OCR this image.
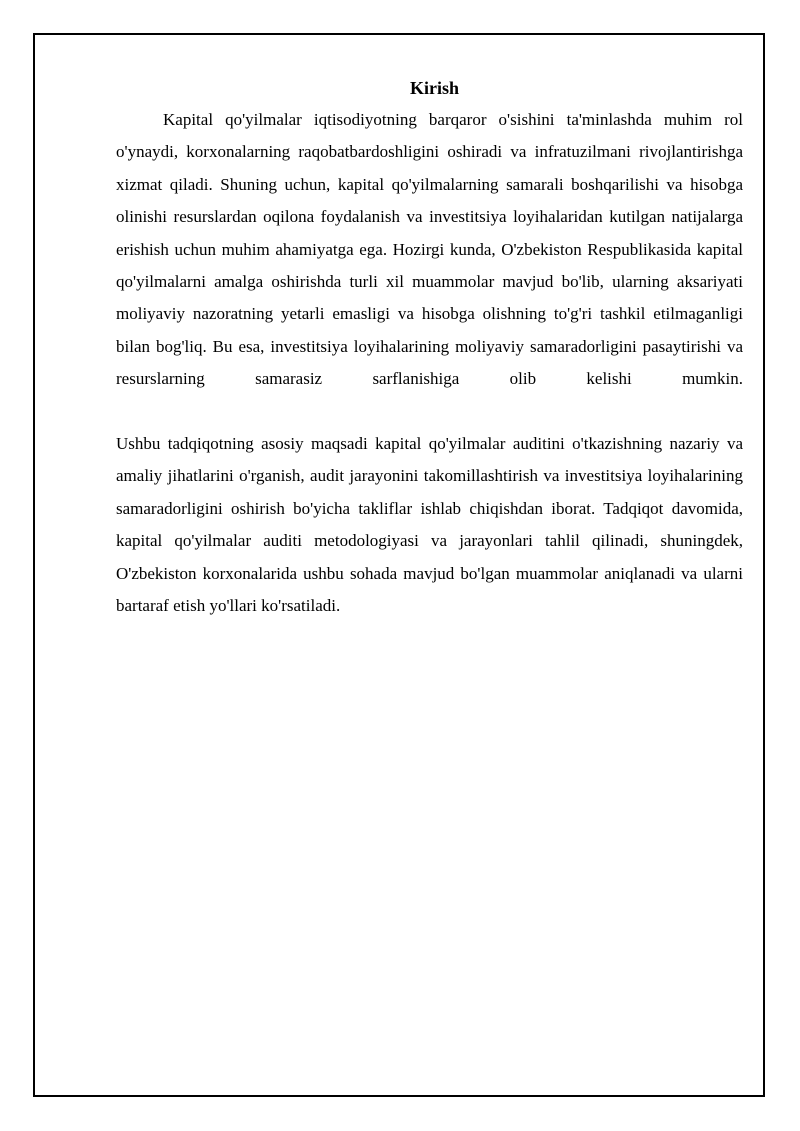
Kirish

Kapital qo'yilmalar iqtisodiyotning barqaror o'sishini ta'minlashda muhim rol o'ynaydi, korxonalarning raqobatbardoshligini oshiradi va infratuzilmani rivojlantirishga xizmat qiladi. Shuning uchun, kapital qo'yilmalarning samarali boshqarilishi va hisobga olinishi resurslardan oqilona foydalanish va investitsiya loyihalaridan kutilgan natijalarga erishish uchun muhim ahamiyatga ega. Hozirgi kunda, O'zbekiston Respublikasida kapital qo'yilmalarni amalga oshirishda turli xil muammolar mavjud bo'lib, ularning aksariyati moliyaviy nazoratning yetarli emasligi va hisobga olishning to'g'ri tashkil etilmaganligi bilan bog'liq. Bu esa, investitsiya loyihalarining moliyaviy samaradorligini pasaytirishi va resurslarning samarasiz sarflanishiga olib kelishi mumkin.

Ushbu tadqiqotning asosiy maqsadi kapital qo'yilmalar auditini o'tkazishning nazariy va amaliy jihatlarini o'rganish, audit jarayonini takomillashtirish va investitsiya loyihalarining samaradorligini oshirish bo'yicha takliflar ishlab chiqishdan iborat. Tadqiqot davomida, kapital qo'yilmalar auditi metodologiyasi va jarayonlari tahlil qilinadi, shuningdek, O'zbekiston korxonalarida ushbu sohada mavjud bo'lgan muammolar aniqlanadi va ularni bartaraf etish yo'llari ko'rsatiladi.
